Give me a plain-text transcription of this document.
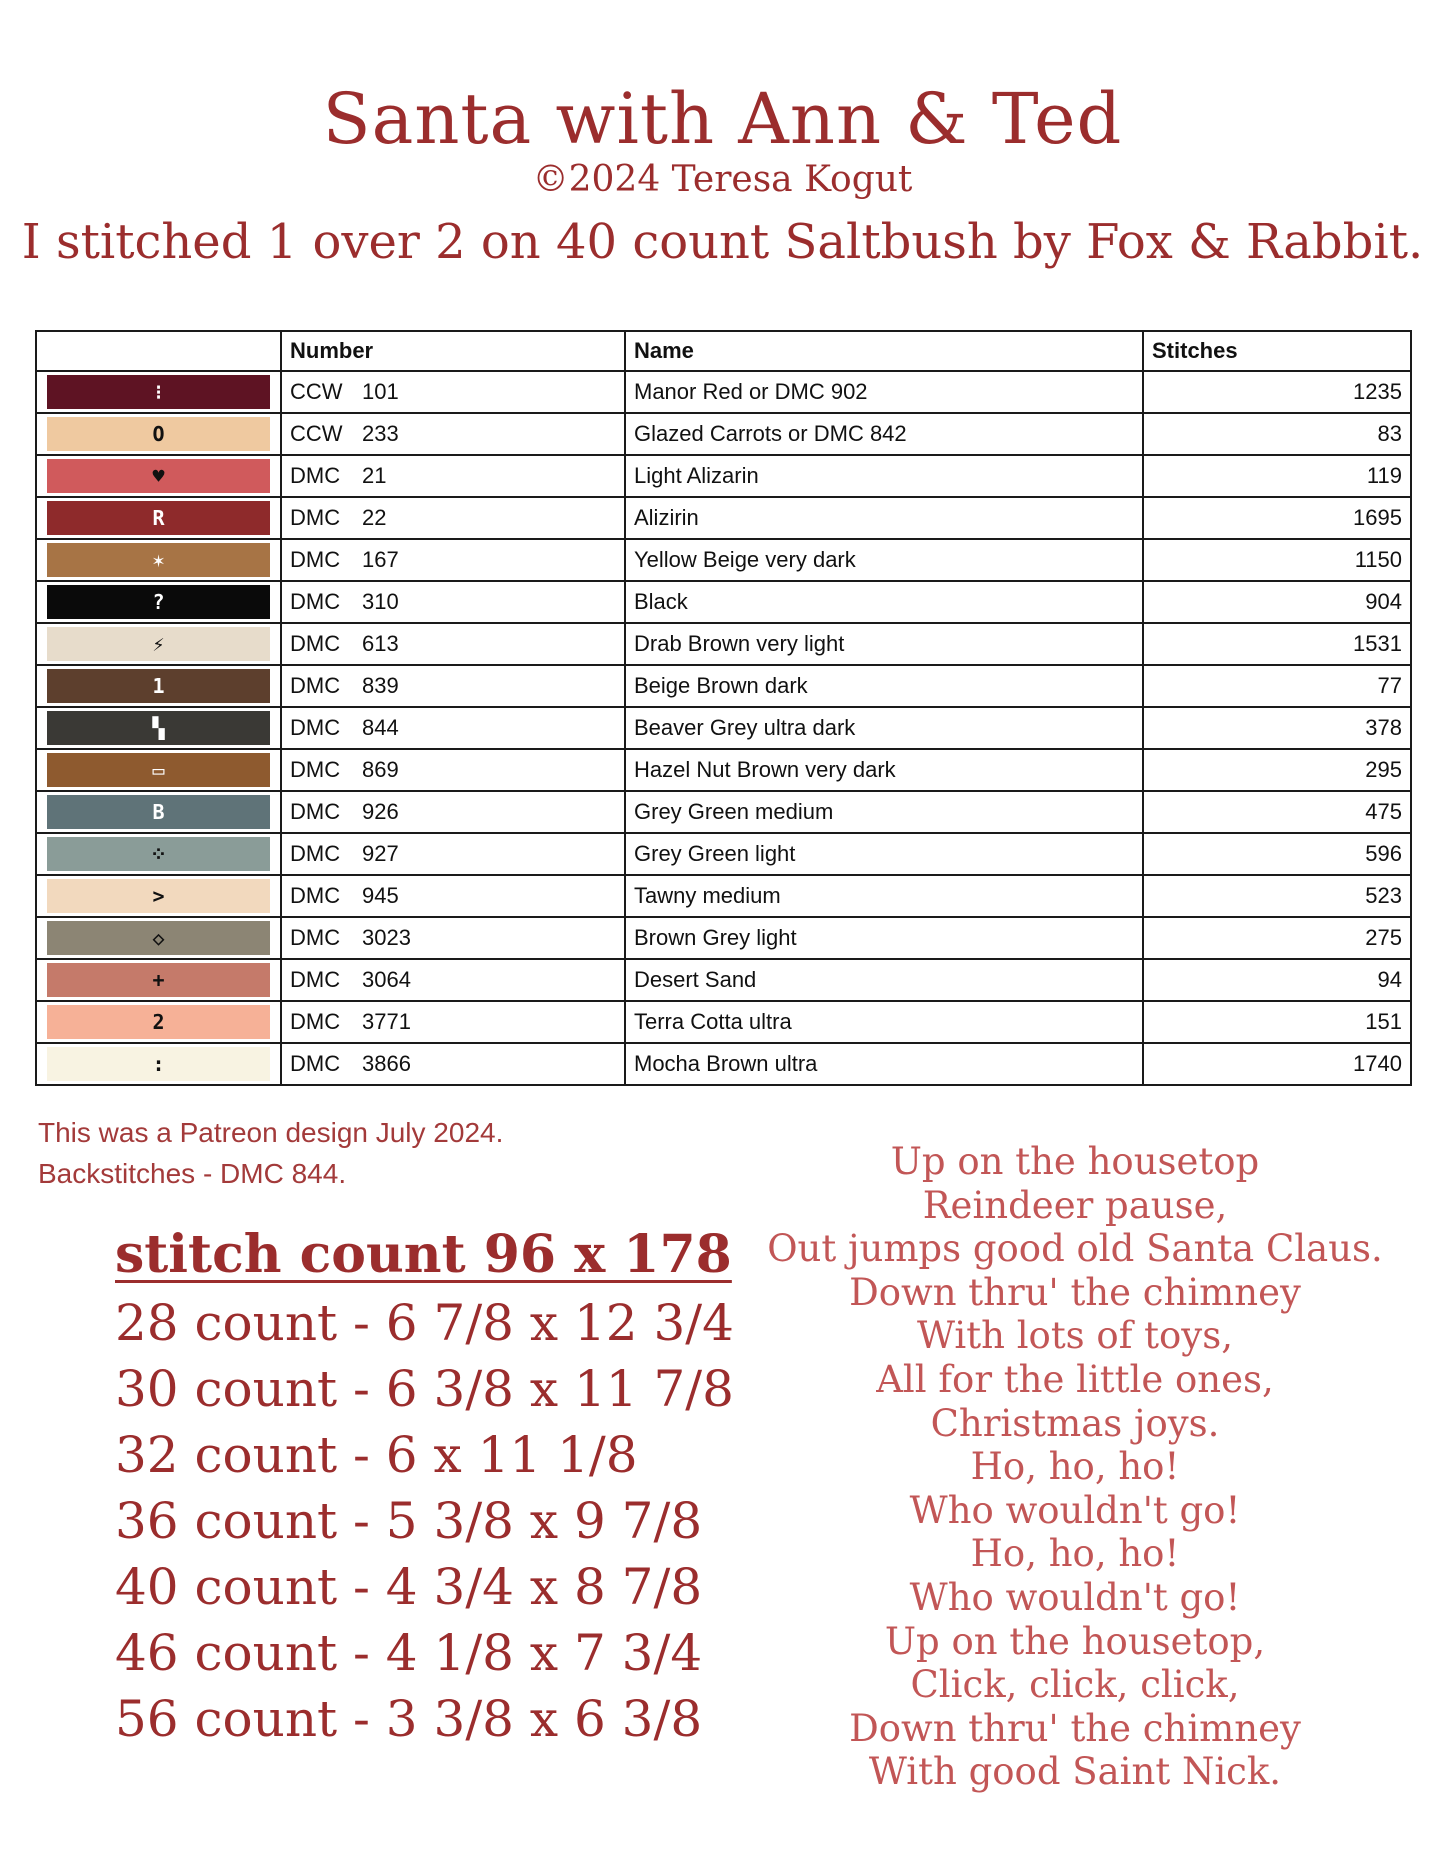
Santa with Ann & Ted
©2024 Teresa Kogut
I stitched 1 over 2 on 40 count Saltbush by Fox & Rabbit.
	Number	Name	Stitches

⁝	CCW 101	Manor Red or DMC 902	1235

O	CCW 233	Glazed Carrots or DMC 842	83

♥	DMC 21	Light Alizarin	119

R	DMC 22	Alizirin	1695

✶	DMC 167	Yellow Beige very dark	1150

?	DMC 310	Black	904

⚡	DMC 613	Drab Brown very light	1531

1	DMC 839	Beige Brown dark	77

▚	DMC 844	Beaver Grey ultra dark	378

▭	DMC 869	Hazel Nut Brown very dark	295

B	DMC 926	Grey Green medium	475

⁘	DMC 927	Grey Green light	596

>	DMC 945	Tawny medium	523

◇	DMC 3023	Brown Grey light	275

+	DMC 3064	Desert Sand	94

2	DMC 3771	Terra Cotta ultra	151

:	DMC 3866	Mocha Brown ultra	1740
This was a Patreon design July 2024.
Backstitches - DMC 844.
stitch count 96 x 178
28 count - 6 7/8 x 12 3/4
30 count - 6 3/8 x 11 7/8
32 count - 6 x 11 1/8
36 count - 5 3/8 x 9 7/8
40 count - 4 3/4 x 8 7/8
46 count - 4 1/8 x 7 3/4
56 count - 3 3/8 x 6 3/8
Up on the housetop
Reindeer pause,
Out jumps good old Santa Claus.
Down thru' the chimney
With lots of toys,
All for the little ones,
Christmas joys.
Ho, ho, ho!
Who wouldn't go!
Ho, ho, ho!
Who wouldn't go!
Up on the housetop,
Click, click, click,
Down thru' the chimney
With good Saint Nick.
